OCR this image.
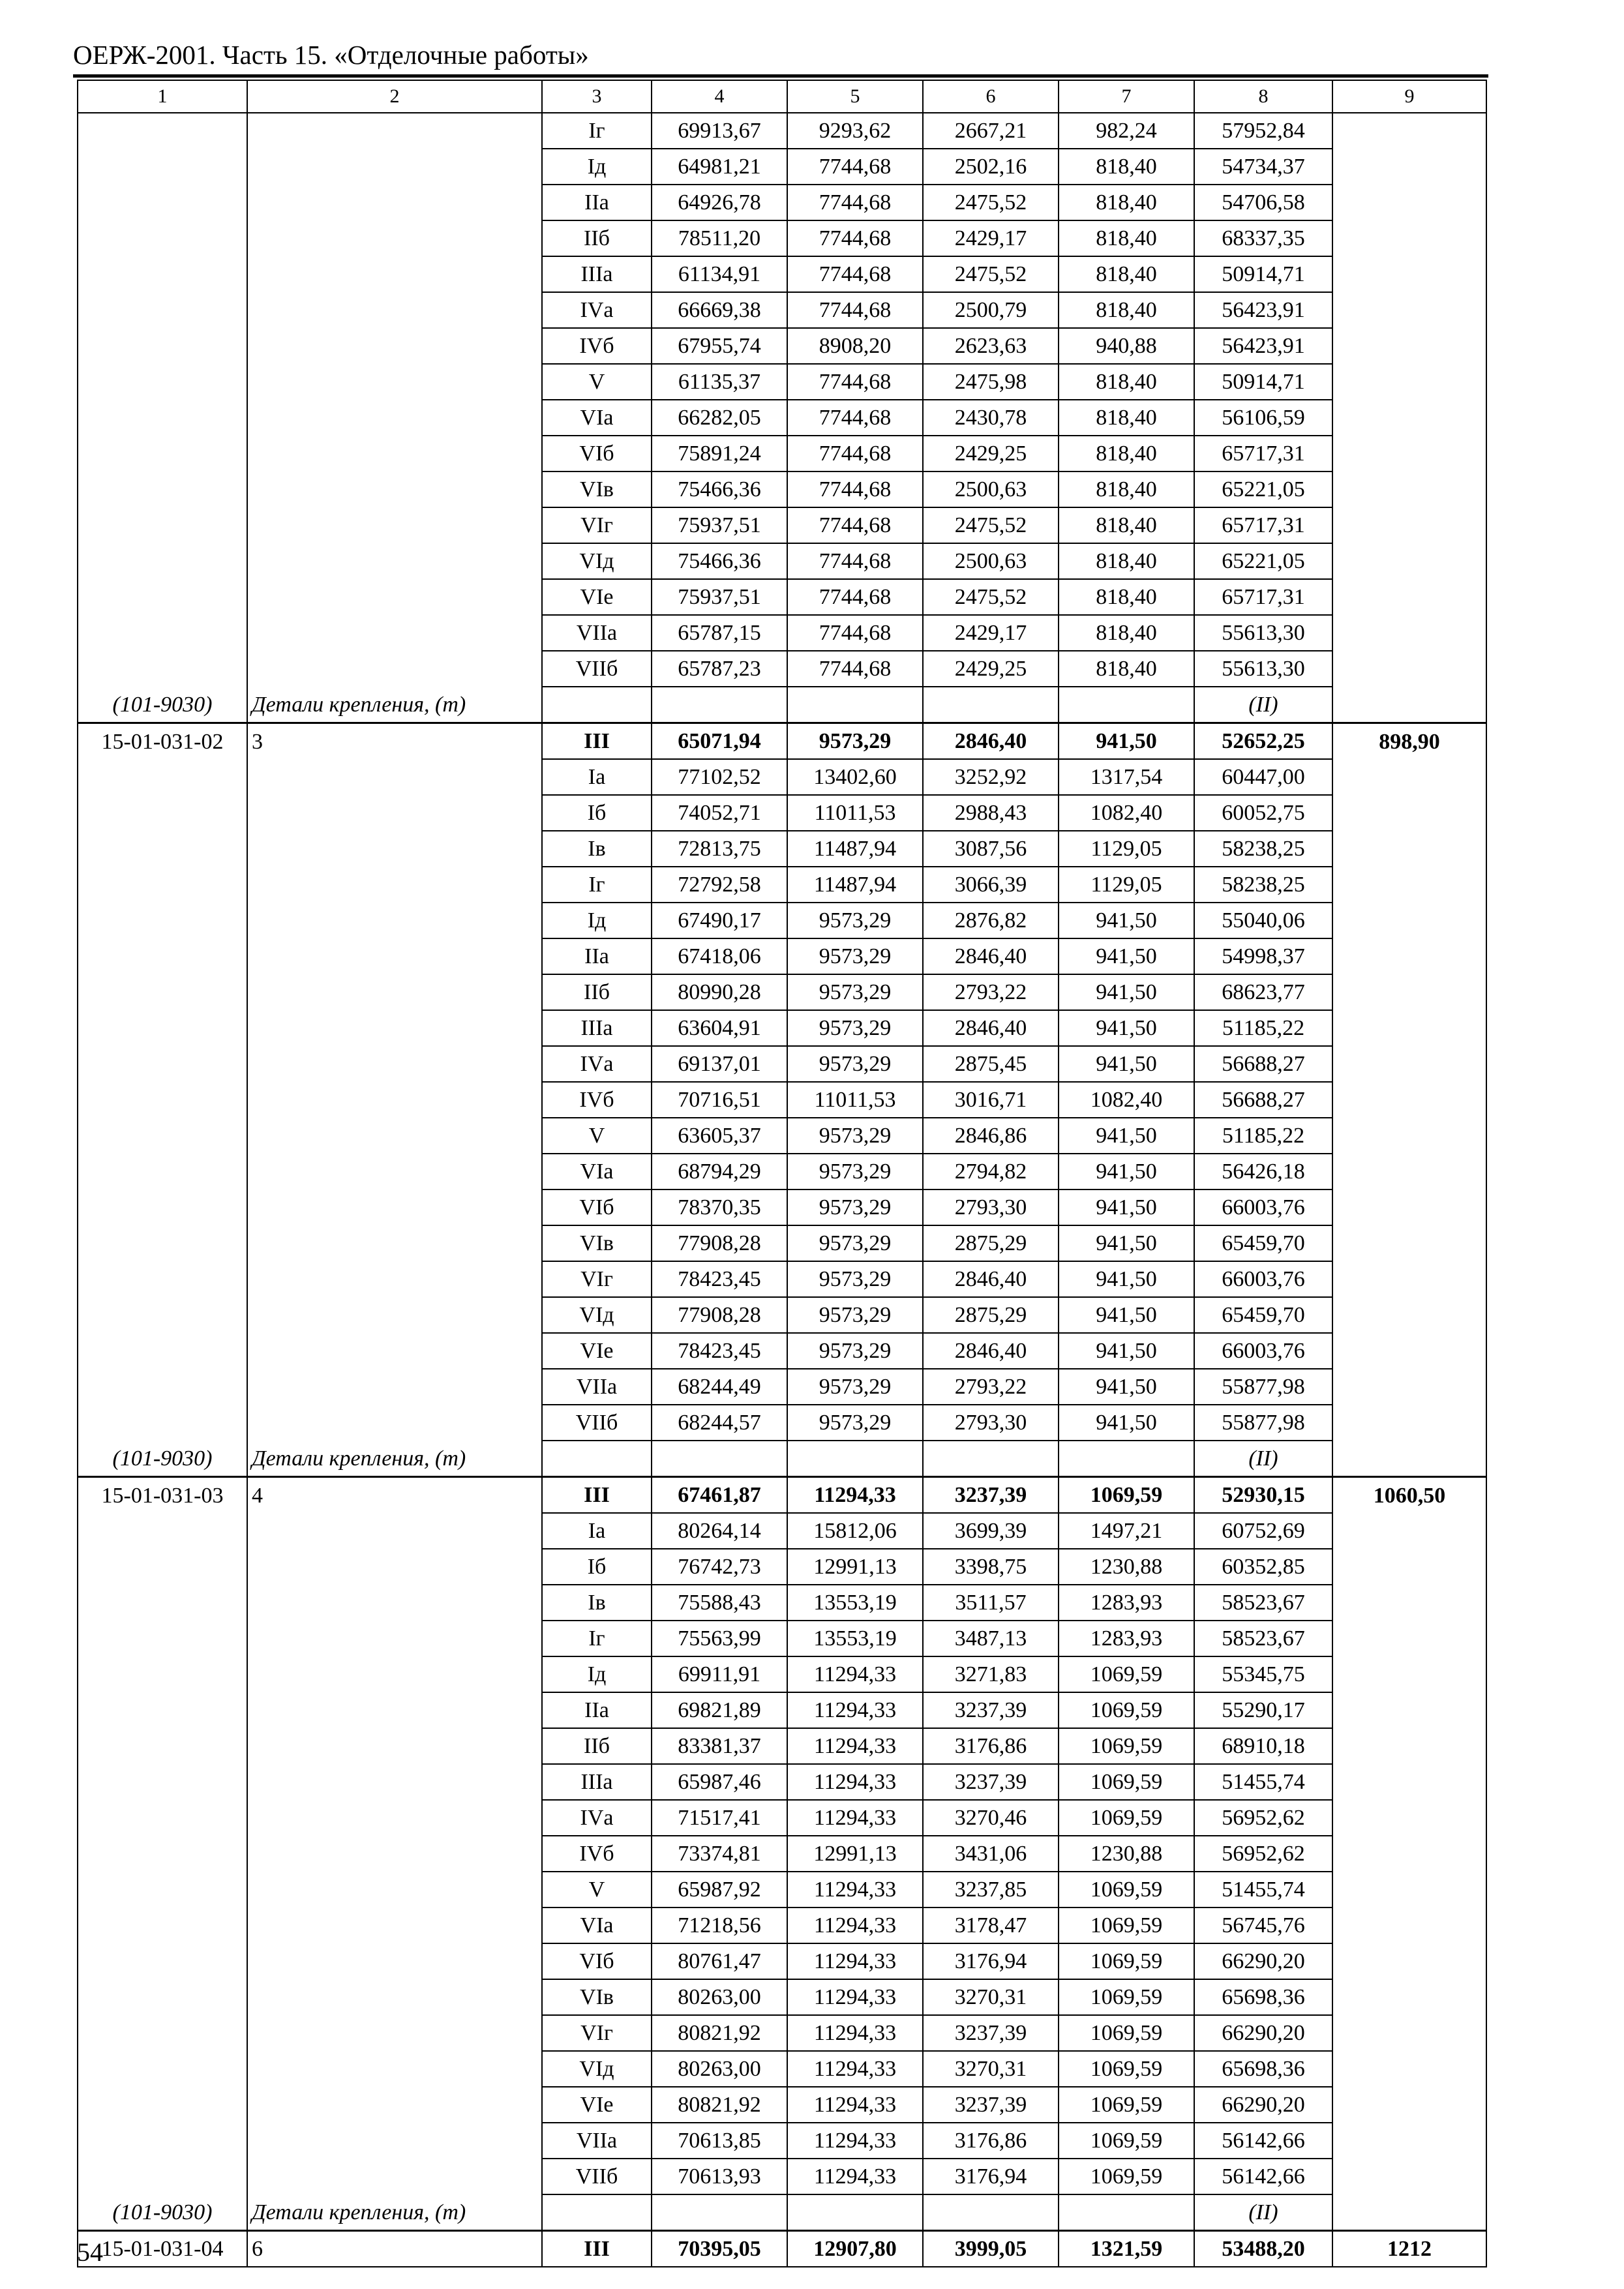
ОЕРЖ-2001. Часть 15. «Отделочные работы»
1	2	3	4	5	6	7	8	9
		Iг	69913,67	9293,62	2667,21	982,24	57952,84	
		Iд	64981,21	7744,68	2502,16	818,40	54734,37	
		IIа	64926,78	7744,68	2475,52	818,40	54706,58	
		IIб	78511,20	7744,68	2429,17	818,40	68337,35	
		IIIа	61134,91	7744,68	2475,52	818,40	50914,71	
		IVа	66669,38	7744,68	2500,79	818,40	56423,91	
		IVб	67955,74	8908,20	2623,63	940,88	56423,91	
		V	61135,37	7744,68	2475,98	818,40	50914,71	
		VIа	66282,05	7744,68	2430,78	818,40	56106,59	
		VIб	75891,24	7744,68	2429,25	818,40	65717,31	
		VIв	75466,36	7744,68	2500,63	818,40	65221,05	
		VIг	75937,51	7744,68	2475,52	818,40	65717,31	
		VIд	75466,36	7744,68	2500,63	818,40	65221,05	
		VIе	75937,51	7744,68	2475,52	818,40	65717,31	
		VIIа	65787,15	7744,68	2429,17	818,40	55613,30	
		VIIб	65787,23	7744,68	2429,25	818,40	55613,30	
(101-9030)	Детали крепления, (т)						(II)	
15-01-031-02	3	III	65071,94	9573,29	2846,40	941,50	52652,25	898,90
		Iа	77102,52	13402,60	3252,92	1317,54	60447,00	
		Iб	74052,71	11011,53	2988,43	1082,40	60052,75	
		Iв	72813,75	11487,94	3087,56	1129,05	58238,25	
		Iг	72792,58	11487,94	3066,39	1129,05	58238,25	
		Iд	67490,17	9573,29	2876,82	941,50	55040,06	
		IIа	67418,06	9573,29	2846,40	941,50	54998,37	
		IIб	80990,28	9573,29	2793,22	941,50	68623,77	
		IIIа	63604,91	9573,29	2846,40	941,50	51185,22	
		IVа	69137,01	9573,29	2875,45	941,50	56688,27	
		IVб	70716,51	11011,53	3016,71	1082,40	56688,27	
		V	63605,37	9573,29	2846,86	941,50	51185,22	
		VIа	68794,29	9573,29	2794,82	941,50	56426,18	
		VIб	78370,35	9573,29	2793,30	941,50	66003,76	
		VIв	77908,28	9573,29	2875,29	941,50	65459,70	
		VIг	78423,45	9573,29	2846,40	941,50	66003,76	
		VIд	77908,28	9573,29	2875,29	941,50	65459,70	
		VIе	78423,45	9573,29	2846,40	941,50	66003,76	
		VIIа	68244,49	9573,29	2793,22	941,50	55877,98	
		VIIб	68244,57	9573,29	2793,30	941,50	55877,98	
(101-9030)	Детали крепления, (т)						(II)	
15-01-031-03	4	III	67461,87	11294,33	3237,39	1069,59	52930,15	1060,50
		Iа	80264,14	15812,06	3699,39	1497,21	60752,69	
		Iб	76742,73	12991,13	3398,75	1230,88	60352,85	
		Iв	75588,43	13553,19	3511,57	1283,93	58523,67	
		Iг	75563,99	13553,19	3487,13	1283,93	58523,67	
		Iд	69911,91	11294,33	3271,83	1069,59	55345,75	
		IIа	69821,89	11294,33	3237,39	1069,59	55290,17	
		IIб	83381,37	11294,33	3176,86	1069,59	68910,18	
		IIIа	65987,46	11294,33	3237,39	1069,59	51455,74	
		IVа	71517,41	11294,33	3270,46	1069,59	56952,62	
		IVб	73374,81	12991,13	3431,06	1230,88	56952,62	
		V	65987,92	11294,33	3237,85	1069,59	51455,74	
		VIа	71218,56	11294,33	3178,47	1069,59	56745,76	
		VIб	80761,47	11294,33	3176,94	1069,59	66290,20	
		VIв	80263,00	11294,33	3270,31	1069,59	65698,36	
		VIг	80821,92	11294,33	3237,39	1069,59	66290,20	
		VIд	80263,00	11294,33	3270,31	1069,59	65698,36	
		VIе	80821,92	11294,33	3237,39	1069,59	66290,20	
		VIIа	70613,85	11294,33	3176,86	1069,59	56142,66	
		VIIб	70613,93	11294,33	3176,94	1069,59	56142,66	
(101-9030)	Детали крепления, (т)						(II)	
15-01-031-04	6	III	70395,05	12907,80	3999,05	1321,59	53488,20	1212
54
